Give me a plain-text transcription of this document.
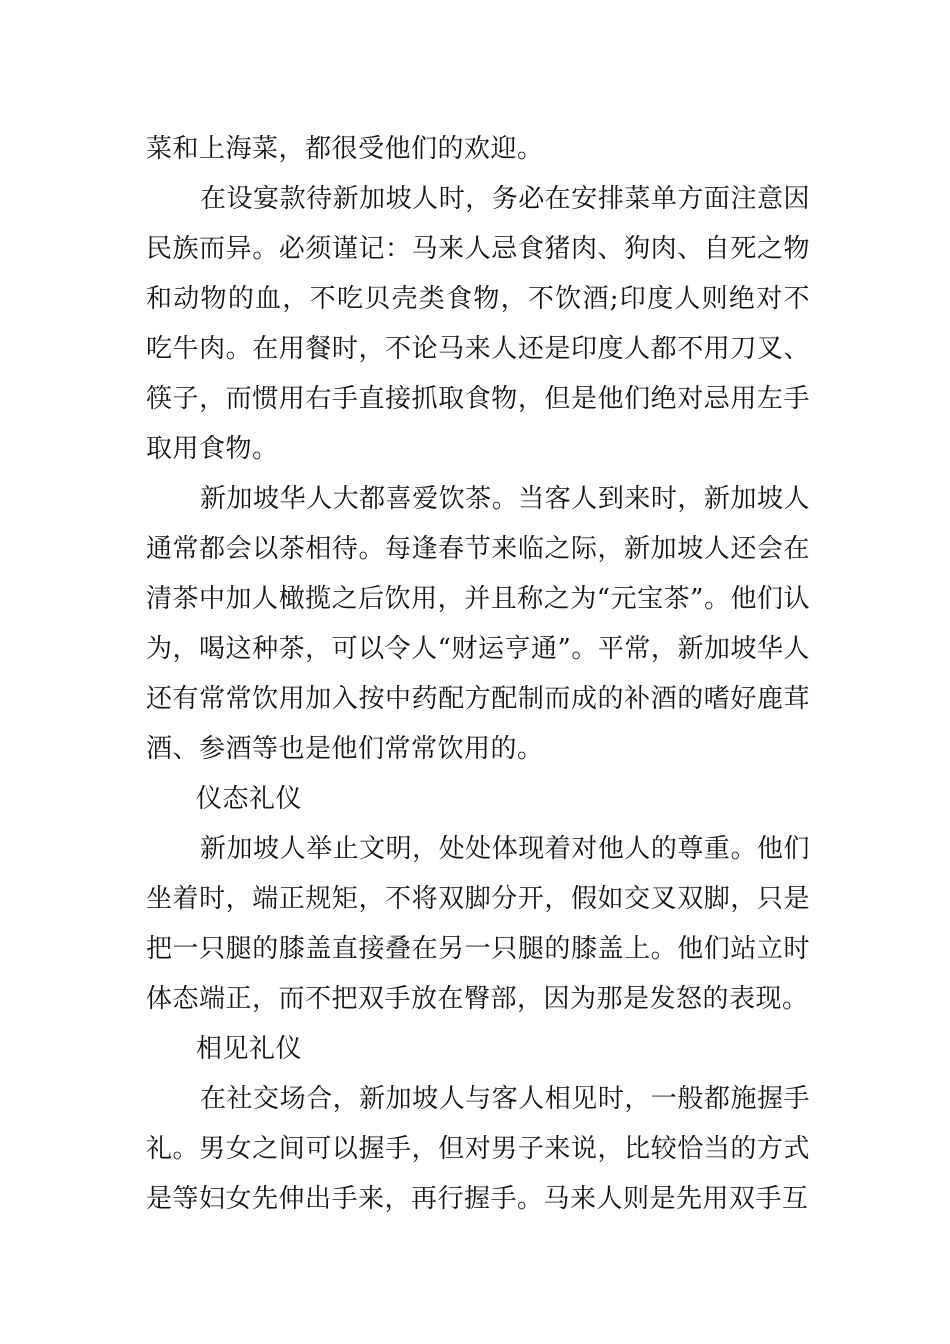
菜和上海菜，都很受他们的欢迎。

在设宴款待新加坡人时，务必在安排菜单方面注意因民族而异。必须谨记：马来人忌食猪肉、狗肉、自死之物和动物的血，不吃贝壳类食物，不饮酒;印度人则绝对不吃牛肉。在用餐时，不论马来人还是印度人都不用刀叉、筷子，而惯用右手直接抓取食物，但是他们绝对忌用左手取用食物。

新加坡华人大都喜爱饮茶。当客人到来时，新加坡人通常都会以茶相待。每逢春节来临之际，新加坡人还会在清茶中加人橄揽之后饮用，并且称之为“元宝茶”。他们认为，喝这种茶，可以令人“财运亨通”。平常，新加坡华人还有常常饮用加入按中药配方配制而成的补酒的嗜好鹿茸酒、参酒等也是他们常常饮用的。

仪态礼仪

新加坡人举止文明，处处体现着对他人的尊重。他们坐着时，端正规矩，不将双脚分开，假如交叉双脚，只是把一只腿的膝盖直接叠在另一只腿的膝盖上。他们站立时体态端正，而不把双手放在臀部，因为那是发怒的表现。

相见礼仪

在社交场合，新加坡人与客人相见时，一般都施握手礼。男女之间可以握手，但对男子来说，比较恰当的方式是等妇女先伸出手来，再行握手。马来人则是先用双手互
